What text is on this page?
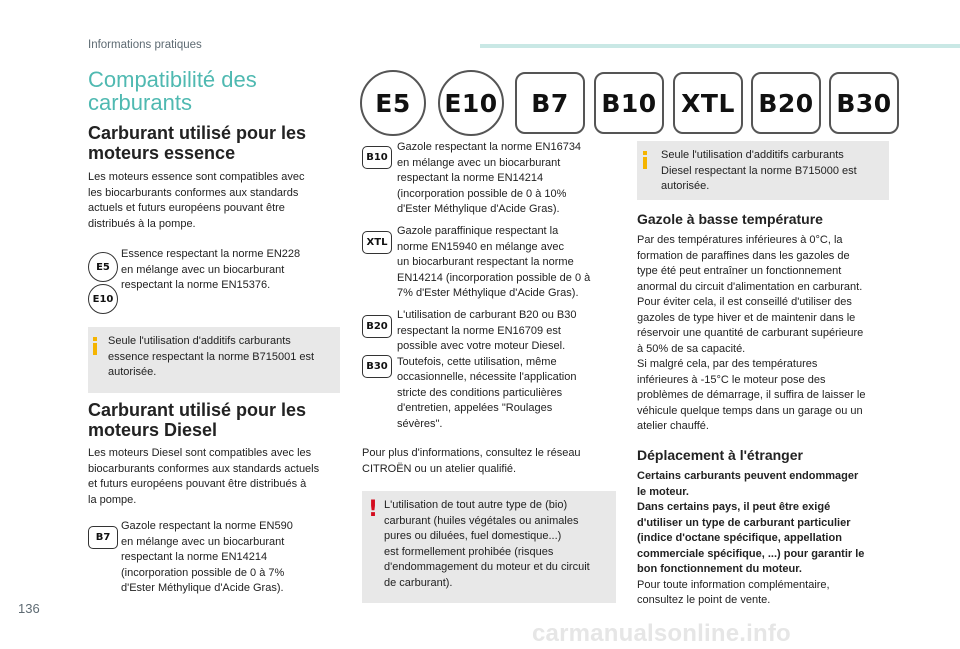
Informations pratiques
Compatibilité des
carburants	E5	E10	B7	B10 XTL B20 B30
Carburant utilisé pour les
moteurs essence
Les moteurs essence sont compatibles avec
les biocarburants conformes aux standards
actuels et futurs européens pouvant être
distribués à la pompe.
E5
E10
Essence respectant la norme EN228
en mélange avec un biocarburant
respectant la norme EN15376.
Seule l'utilisation d'additifs carburants
essence respectant la norme B715001 est
autorisée.
Carburant utilisé pour les
moteurs Diesel
Les moteurs Diesel sont compatibles avec les
biocarburants conformes aux standards actuels
et futurs européens pouvant être distribués à
la pompe.
B7
Gazole respectant la norme EN590
en mélange avec un biocarburant
respectant la norme EN14214
(incorporation possible de 0 à 7%
d'Ester Méthylique d'Acide Gras).
B10
Gazole respectant la norme EN16734
en mélange avec un biocarburant
respectant la norme EN14214
(incorporation possible de 0 à 10%
d'Ester Méthylique d'Acide Gras).
XTL
Gazole paraffinique respectant la
norme EN15940 en mélange avec
un biocarburant respectant la norme
EN14214 (incorporation possible de 0 à
7% d'Ester Méthylique d'Acide Gras).
B20
B30
L'utilisation de carburant B20 ou B30
respectant la norme EN16709 est
possible avec votre moteur Diesel.
Toutefois, cette utilisation, même
occasionnelle, nécessite l'application
stricte des conditions particulières
d'entretien, appelées "Roulages
sévères".
Pour plus d'informations, consultez le réseau
CITROËN ou un atelier qualifié.
! L'utilisation de tout autre type de (bio)
carburant (huiles végétales ou animales
pures ou diluées, fuel domestique...)
est formellement prohibée (risques
d'endommagement du moteur et du circuit
de carburant).
Seule l'utilisation d'additifs carburants
Diesel respectant la norme B715000 est
autorisée.
Gazole à basse température
Par des températures inférieures à 0°C, la
formation de paraffines dans les gazoles de
type été peut entraîner un fonctionnement
anormal du circuit d'alimentation en carburant.
Pour éviter cela, il est conseillé d'utiliser des
gazoles de type hiver et de maintenir dans le
réservoir une quantité de carburant supérieure
à 50% de sa capacité.
Si malgré cela, par des températures
inférieures à -15°C le moteur pose des
problèmes de démarrage, il suffira de laisser le
véhicule quelque temps dans un garage ou un
atelier chauffé.
Déplacement à l'étranger
Certains carburants peuvent endommager
le moteur.
Dans certains pays, il peut être exigé
d'utiliser un type de carburant particulier
(indice d'octane spécifique, appellation
commerciale spécifique, ...) pour garantir le
bon fonctionnement du moteur.
Pour toute information complémentaire,
consultez le point de vente.
136
carmanualsonline.info
